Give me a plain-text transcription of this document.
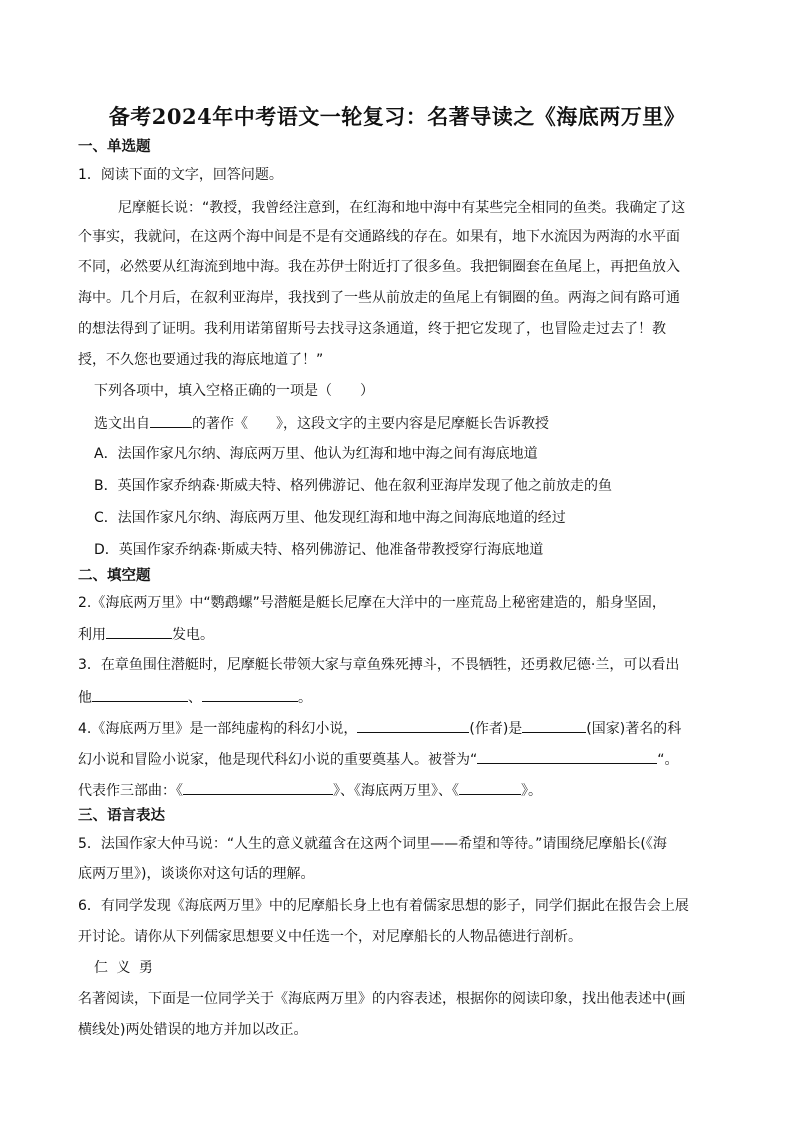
备考2024年中考语文一轮复习：名著导读之《海底两万里》
一、单选题
1．阅读下面的文字，回答问题。
尼摩艇长说：“教授，我曾经注意到，在红海和地中海中有某些完全相同的鱼类。我确定了这
个事实，我就问，在这两个海中间是不是有交通路线的存在。如果有，地下水流因为两海的水平面
不同，必然要从红海流到地中海。我在苏伊士附近打了很多鱼。我把铜圈套在鱼尾上，再把鱼放入
海中。几个月后，在叙利亚海岸，我找到了一些从前放走的鱼尾上有铜圈的鱼。两海之间有路可通
的想法得到了证明。我利用诺第留斯号去找寻这条通道，终于把它发现了，也冒险走过去了！教
授，不久您也要通过我的海底地道了！”
下列各项中，填入空格正确的一项是（　　）
选文出自	的著作《　　》，这段文字的主要内容是尼摩艇长告诉教授
A．法国作家凡尔纳、海底两万里、他认为红海和地中海之间有海底地道
B．英国作家乔纳森·斯威夫特、格列佛游记、他在叙利亚海岸发现了他之前放走的鱼
C．法国作家凡尔纳、海底两万里、他发现红海和地中海之间海底地道的经过
D．英国作家乔纳森·斯威夫特、格列佛游记、他准备带教授穿行海底地道
二、填空题
2.《海底两万里》中“鹦鹉螺”号潜艇是艇长尼摩在大洋中的一座荒岛上秘密建造的，船身坚固，
利用	发电。
3．在章鱼围住潜艇时，尼摩艇长带领大家与章鱼殊死搏斗，不畏牺牲，还勇救尼德·兰，可以看出
他	、	。
4.《海底两万里》是一部纯虚构的科幻小说，	(作者)是	(国家)著名的科
幻小说和冒险小说家，他是现代科幻小说的重要奠基人。被誉为“	“。
代表作三部曲：《	》、《海底两万里》、《	》。
三、语言表达
5．法国作家大仲马说：“人生的意义就蕴含在这两个词里——希望和等待。”请围绕尼摩船长(《海
底两万里》)，谈谈你对这句话的理解。
6．有同学发现《海底两万里》中的尼摩船长身上也有着儒家思想的影子，同学们据此在报告会上展
开讨论。请你从下列儒家思想要义中任选一个，对尼摩船长的人物品德进行剖析。
仁 义 勇
名著阅读，下面是一位同学关于《海底两万里》的内容表述，根据你的阅读印象，找出他表述中(画
横线处)两处错误的地方并加以改正。
